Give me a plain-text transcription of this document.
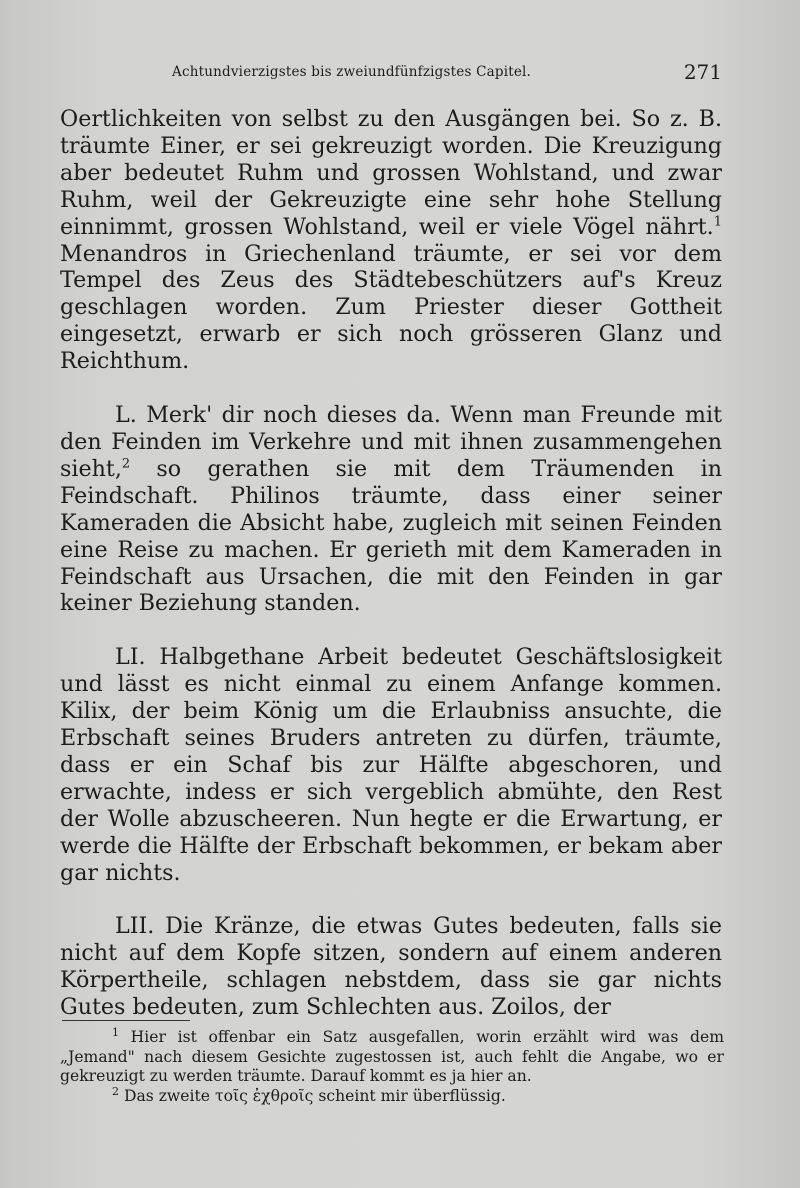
Achtundvierzigstes bis zweiundfünfzigstes Capitel.	271

Oertlichkeiten von selbst zu den Ausgängen bei. So z. B. träumte Einer, er sei gekreuzigt worden. Die Kreuzigung aber bedeutet Ruhm und grossen Wohlstand, und zwar Ruhm, weil der Gekreuzigte eine sehr hohe Stellung einnimmt, grossen Wohlstand, weil er viele Vögel nährt.$^1$ Menandros in Griechenland träumte, er sei vor dem Tempel des Zeus des Städtebeschützers auf's Kreuz geschlagen worden. Zum Priester dieser Gottheit eingesetzt, erwarb er sich noch grösseren Glanz und Reichthum.

L. Merk' dir noch dieses da. Wenn man Freunde mit den Feinden im Verkehre und mit ihnen zusammengehen sieht,$^2$ so gerathen sie mit dem Träumenden in Feindschaft. Philinos träumte, dass einer seiner Kameraden die Absicht habe, zugleich mit seinen Feinden eine Reise zu machen. Er gerieth mit dem Kameraden in Feindschaft aus Ursachen, die mit den Feinden in gar keiner Beziehung standen.

LI. Halbgethane Arbeit bedeutet Geschäftslosigkeit und lässt es nicht einmal zu einem Anfange kommen. Kilix, der beim König um die Erlaubniss ansuchte, die Erbschaft seines Bruders antreten zu dürfen, träumte, dass er ein Schaf bis zur Hälfte abgeschoren, und erwachte, indess er sich vergeblich abmühte, den Rest der Wolle abzuscheeren. Nun hegte er die Erwartung, er werde die Hälfte der Erbschaft bekommen, er bekam aber gar nichts.

LII. Die Kränze, die etwas Gutes bedeuten, falls sie nicht auf dem Kopfe sitzen, sondern auf einem anderen Körpertheile, schlagen nebstdem, dass sie gar nichts Gutes bedeuten, zum Schlechten aus. Zoilos, der

$^1$ Hier ist offenbar ein Satz ausgefallen, worin erzählt wird was dem „Jemand" nach diesem Gesichte zugestossen ist, auch fehlt die Angabe, wo er gekreuzigt zu werden träumte. Darauf kommt es ja hier an.

$^2$ Das zweite τοῖς ἐχθροῖς scheint mir überflüssig.
